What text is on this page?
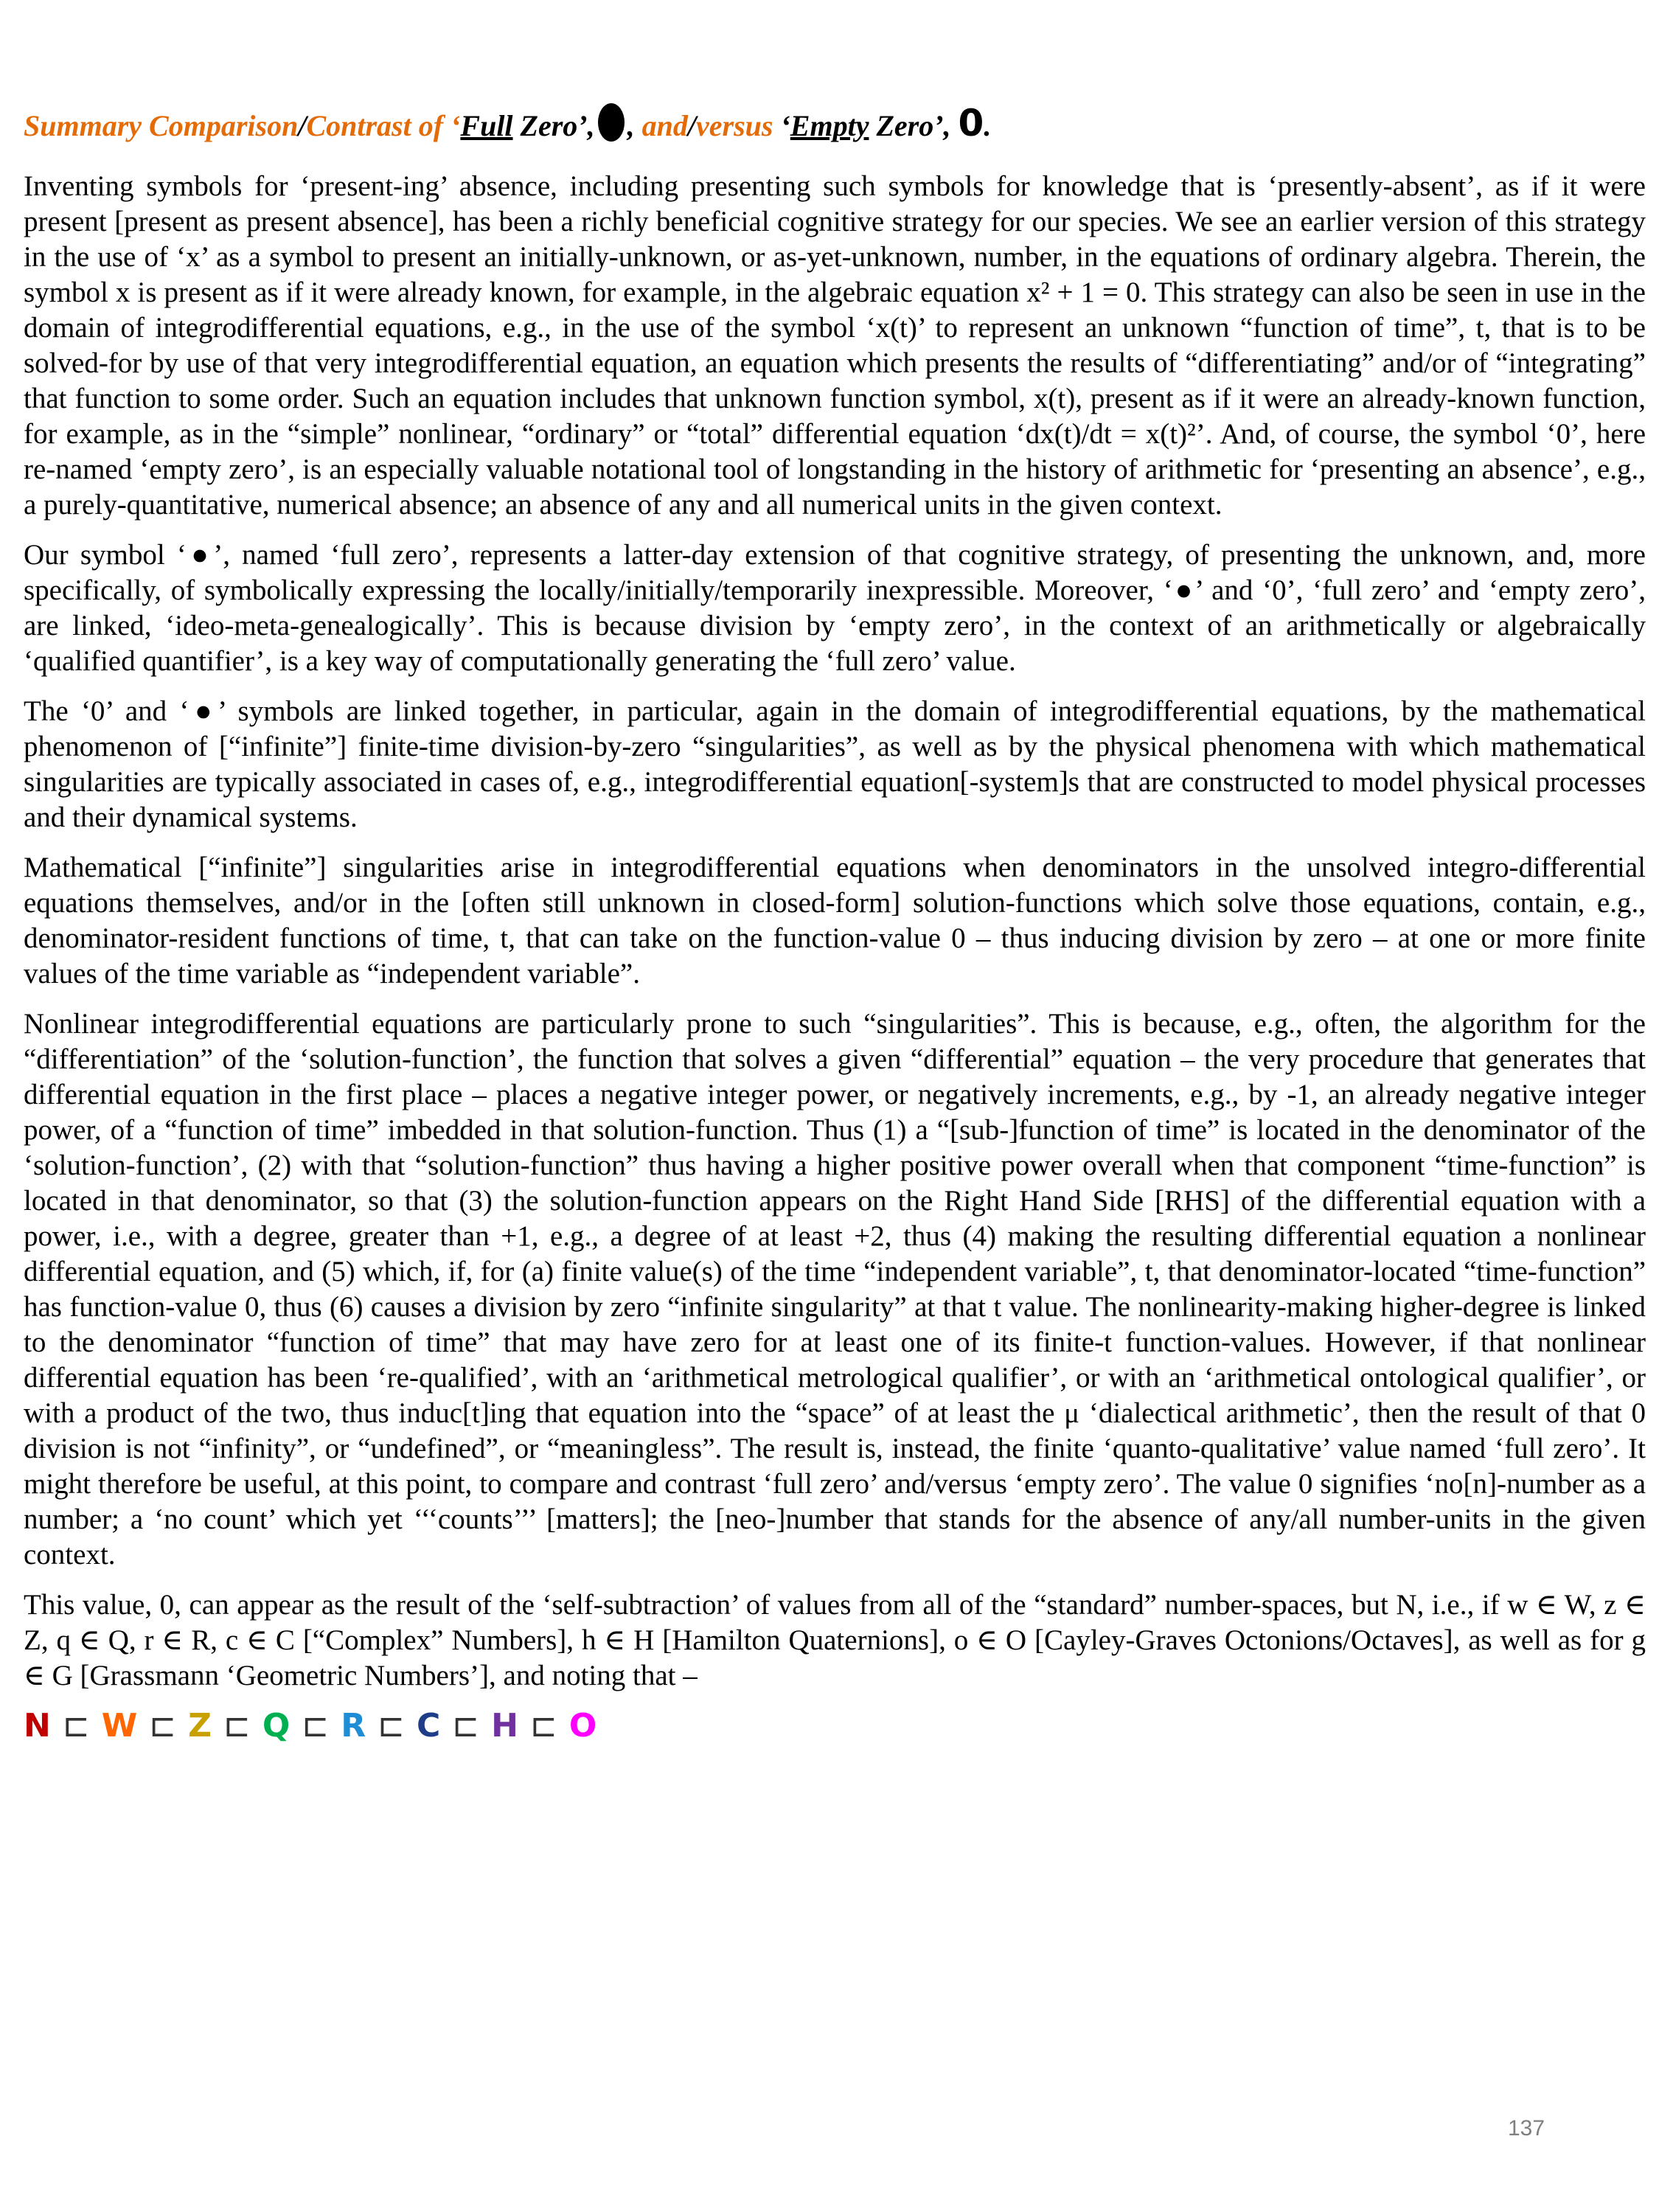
Summary Comparison/Contrast of ‘Full Zero’, , and/versus ‘Empty Zero’, 0.

Inventing symbols for ‘present-ing’ absence, including presenting such symbols for knowledge that is ‘presently-absent’, as if it were present [present as present absence], has been a richly beneficial cognitive strategy for our species. We see an earlier version of this strategy in the use of ‘x’ as a symbol to present an initially-unknown, or as-yet-unknown, number, in the equations of ordinary algebra. Therein, the symbol x is present as if it were already known, for example, in the algebraic equation x² + 1 = 0. This strategy can also be seen in use in the domain of integrodifferential equations, e.g., in the use of the symbol ‘x(t)’ to represent an unknown “function of time”, t, that is to be solved-for by use of that very integrodifferential equation, an equation which presents the results of “differentiating” and/or of “integrating” that function to some order. Such an equation includes that unknown function symbol, x(t), present as if it were an already-known function, for example, as in the “simple” nonlinear, “ordinary” or “total” differential equation ‘dx(t)/dt = x(t)²’. And, of course, the symbol ‘0’, here re-named ‘empty zero’, is an especially valuable notational tool of longstanding in the history of arithmetic for ‘presenting an absence’, e.g., a purely-quantitative, numerical absence; an absence of any and all numerical units in the given context.

Our symbol ‘●’, named ‘full zero’, represents a latter-day extension of that cognitive strategy, of presenting the unknown, and, more specifically, of symbolically expressing the locally/initially/temporarily inexpressible. Moreover, ‘●’ and ‘0’, ‘full zero’ and ‘empty zero’, are linked, ‘ideo-meta-genealogically’. This is because division by ‘empty zero’, in the context of an arithmetically or algebraically ‘qualified quantifier’, is a key way of computationally generating the ‘full zero’ value.

The ‘0’ and ‘●’ symbols are linked together, in particular, again in the domain of integrodifferential equations, by the mathematical phenomenon of [“infinite”] finite-time division-by-zero “singularities”, as well as by the physical phenomena with which mathematical singularities are typically associated in cases of, e.g., integrodifferential equation[-system]s that are constructed to model physical processes and their dynamical systems.

Mathematical [“infinite”] singularities arise in integrodifferential equations when denominators in the unsolved integro-differential equations themselves, and/or in the [often still unknown in closed-form] solution-functions which solve those equations, contain, e.g., denominator-resident functions of time, t, that can take on the function-value 0 – thus inducing division by zero – at one or more finite values of the time variable as “independent variable”.

Nonlinear integrodifferential equations are particularly prone to such “singularities”. This is because, e.g., often, the algorithm for the “differentiation” of the ‘solution-function’, the function that solves a given “differential” equation – the very procedure that generates that differential equation in the first place – places a negative integer power, or negatively increments, e.g., by -1, an already negative integer power, of a “function of time” imbedded in that solution-function. Thus (1) a “[sub-]function of time” is located in the denominator of the ‘solution-function’, (2) with that “solution-function” thus having a higher positive power overall when that component “time-function” is located in that denominator, so that (3) the solution-function appears on the Right Hand Side [RHS] of the differential equation with a power, i.e., with a degree, greater than +1, e.g., a degree of at least +2, thus (4) making the resulting differential equation a nonlinear differential equation, and (5) which, if, for (a) finite value(s) of the time “independent variable”, t, that denominator-located “time-function” has function-value 0, thus (6) causes a division by zero “infinite singularity” at that t value. The nonlinearity-making higher-degree is linked to the denominator “function of time” that may have zero for at least one of its finite-t function-values. However, if that nonlinear differential equation has been ‘re-qualified’, with an ‘arithmetical metrological qualifier’, or with an ‘arithmetical ontological qualifier’, or with a product of the two, thus induc[t]ing that equation into the “space” of at least the μ ‘dialectical arithmetic’, then the result of that 0 division is not “infinity”, or “undefined”, or “meaningless”. The result is, instead, the finite ‘quanto-qualitative’ value named ‘full zero’. It might therefore be useful, at this point, to compare and contrast ‘full zero’ and/versus ‘empty zero’. The value 0 signifies ‘no[n]-number as a number; a ‘no count’ which yet ‘‘‘counts’’’ [matters]; the [neo-]number that stands for the absence of any/all number-units in the given context.

This value, 0, can appear as the result of the ‘self-subtraction’ of values from all of the “standard” number-spaces, but N, i.e., if w ∈ W, z ∈ Z, q ∈ Q, r ∈ R, c ∈ C [“Complex” Numbers], h ∈ H [Hamilton Quaternions], o ∈ O [Cayley-Graves Octonions/Octaves], as well as for g ∈ G [Grassmann ‘Geometric Numbers’], and noting that –

N ⊏ W ⊏ Z ⊏ Q ⊏ R ⊏ C ⊏ H ⊏ O
137
